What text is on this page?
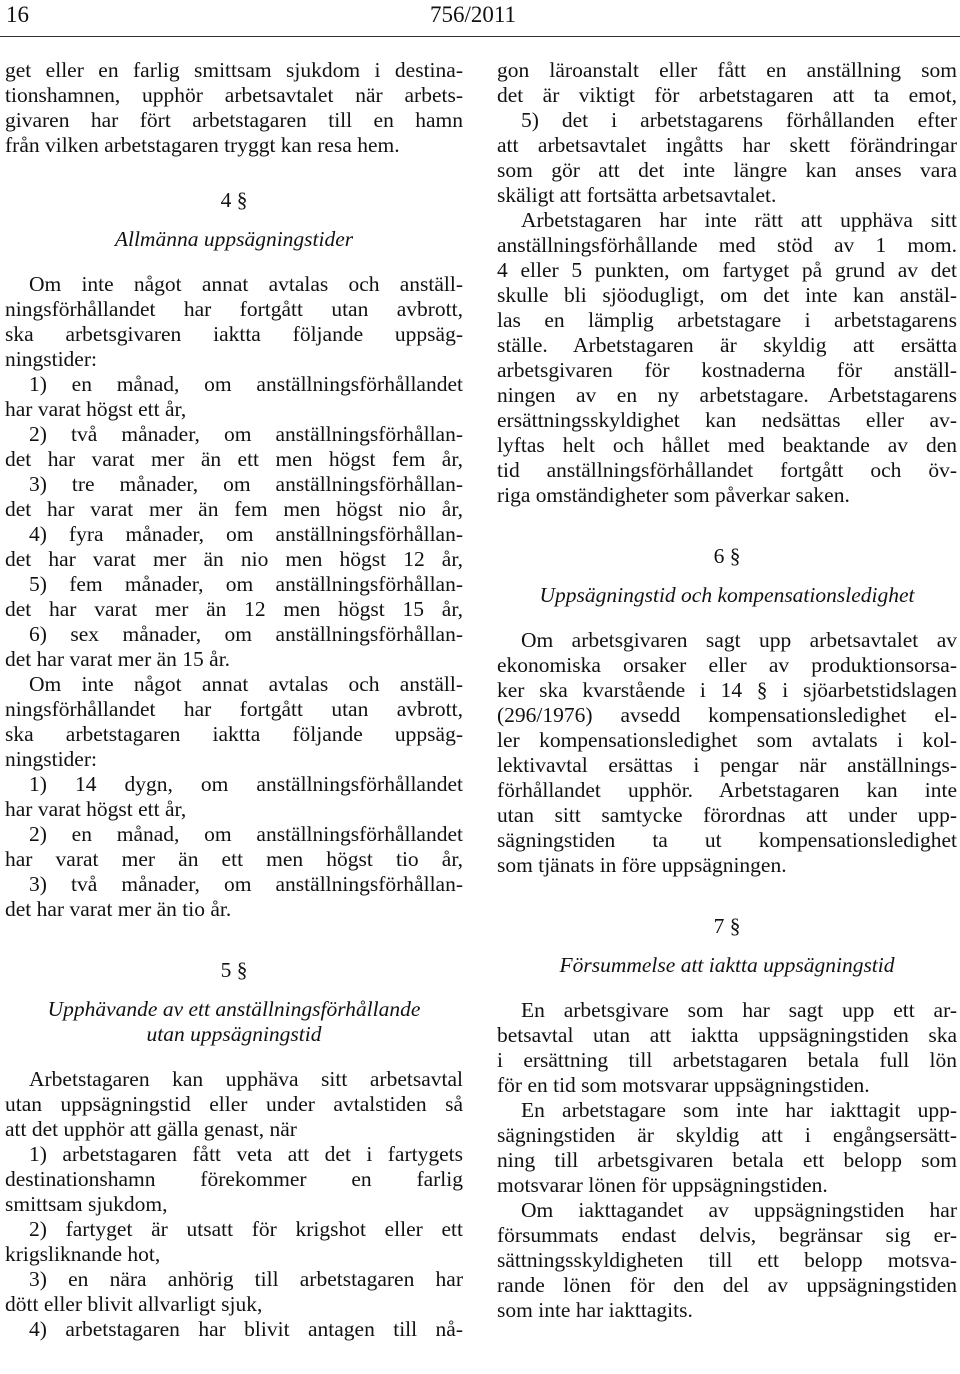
16	756/2011
get eller en farlig smittsam sjukdom i destina-
tionshamnen, upphör arbetsavtalet när arbets-
givaren har fört arbetstagaren till en hamn
från vilken arbetstagaren tryggt kan resa hem.
4 §
Allmänna uppsägningstider
Om inte något annat avtalas och anställ-
ningsförhållandet har fortgått utan avbrott,
ska arbetsgivaren iaktta följande uppsäg-
ningstider:
1) en månad, om anställningsförhållandet
har varat högst ett år,
2) två månader, om anställningsförhållan-
det har varat mer än ett men högst fem år,
3) tre månader, om anställningsförhållan-
det har varat mer än fem men högst nio år,
4) fyra månader, om anställningsförhållan-
det har varat mer än nio men högst 12 år,
5) fem månader, om anställningsförhållan-
det har varat mer än 12 men högst 15 år,
6) sex månader, om anställningsförhållan-
det har varat mer än 15 år.
Om inte något annat avtalas och anställ-
ningsförhållandet har fortgått utan avbrott,
ska arbetstagaren iaktta följande uppsäg-
ningstider:
1) 14 dygn, om anställningsförhållandet
har varat högst ett år,
2) en månad, om anställningsförhållandet
har varat mer än ett men högst tio år,
3) två månader, om anställningsförhållan-
det har varat mer än tio år.
5 §
Upphävande av ett anställningsförhållande
utan uppsägningstid
Arbetstagaren kan upphäva sitt arbetsavtal
utan uppsägningstid eller under avtalstiden så
att det upphör att gälla genast, när
1) arbetstagaren fått veta att det i fartygets
destinationshamn förekommer en farlig
smittsam sjukdom,
2) fartyget är utsatt för krigshot eller ett
krigsliknande hot,
3) en nära anhörig till arbetstagaren har
dött eller blivit allvarligt sjuk,
4) arbetstagaren har blivit antagen till nå-
gon läroanstalt eller fått en anställning som
det är viktigt för arbetstagaren att ta emot,
5) det i arbetstagarens förhållanden efter
att arbetsavtalet ingåtts har skett förändringar
som gör att det inte längre kan anses vara
skäligt att fortsätta arbetsavtalet.
Arbetstagaren har inte rätt att upphäva sitt
anställningsförhållande med stöd av 1 mom.
4 eller 5 punkten, om fartyget på grund av det
skulle bli sjöodugligt, om det inte kan anstäl-
las en lämplig arbetstagare i arbetstagarens
ställe. Arbetstagaren är skyldig att ersätta
arbetsgivaren för kostnaderna för anställ-
ningen av en ny arbetstagare. Arbetstagarens
ersättningsskyldighet kan nedsättas eller av-
lyftas helt och hållet med beaktande av den
tid anställningsförhållandet fortgått och öv-
riga omständigheter som påverkar saken.
6 §
Uppsägningstid och kompensationsledighet
Om arbetsgivaren sagt upp arbetsavtalet av
ekonomiska orsaker eller av produktionsorsa-
ker ska kvarstående i 14 § i sjöarbetstidslagen
(296/1976) avsedd kompensationsledighet el-
ler kompensationsledighet som avtalats i kol-
lektivavtal ersättas i pengar när anställnings-
förhållandet upphör. Arbetstagaren kan inte
utan sitt samtycke förordnas att under upp-
sägningstiden ta ut kompensationsledighet
som tjänats in före uppsägningen.
7 §
Försummelse att iaktta uppsägningstid
En arbetsgivare som har sagt upp ett ar-
betsavtal utan att iaktta uppsägningstiden ska
i ersättning till arbetstagaren betala full lön
för en tid som motsvarar uppsägningstiden.
En arbetstagare som inte har iakttagit upp-
sägningstiden är skyldig att i engångsersätt-
ning till arbetsgivaren betala ett belopp som
motsvarar lönen för uppsägningstiden.
Om iakttagandet av uppsägningstiden har
försummats endast delvis, begränsar sig er-
sättningsskyldigheten till ett belopp motsva-
rande lönen för den del av uppsägningstiden
som inte har iakttagits.
